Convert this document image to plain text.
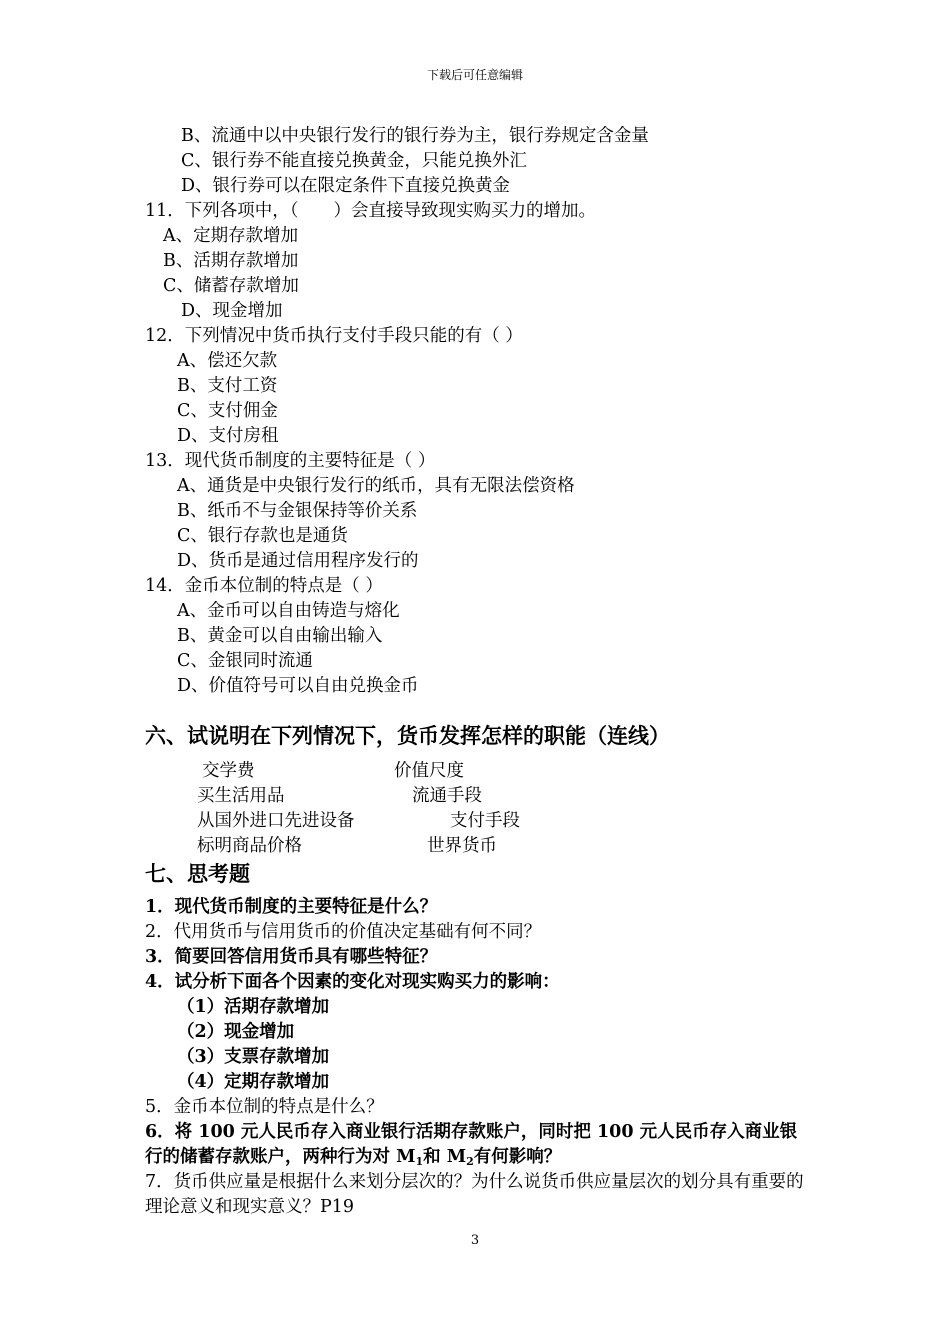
下载后可任意编辑
B、流通中以中央银行发行的银行券为主，银行券规定含金量
C、银行券不能直接兑换黄金，只能兑换外汇
D、银行券可以在限定条件下直接兑换黄金
11．下列各项中，（　　）会直接导致现实购买力的增加。
A、定期存款增加
B、活期存款增加
C、储蓄存款增加
D、现金增加
12．下列情况中货币执行支付手段只能的有（ ）
A、偿还欠款
B、支付工资
C、支付佣金
D、支付房租
13．现代货币制度的主要特征是（ ）
A、通货是中央银行发行的纸币，具有无限法偿资格
B、纸币不与金银保持等价关系
C、银行存款也是通货
D、货币是通过信用程序发行的
14．金币本位制的特点是（ ）
A、金币可以自由铸造与熔化
B、黄金可以自由输出输入
C、金银同时流通
D、价值符号可以自由兑换金币
六、试说明在下列情况下，货币发挥怎样的职能（连线）
交学费
买生活用品
从国外进口先进设备
标明商品价格
价值尺度
流通手段
支付手段
世界货币
七、思考题
1．现代货币制度的主要特征是什么？
2．代用货币与信用货币的价值决定基础有何不同？
3．简要回答信用货币具有哪些特征？
4．试分析下面各个因素的变化对现实购买力的影响：
（1）活期存款增加
（2）现金增加
（3）支票存款增加
（4）定期存款增加
5．金币本位制的特点是什么？
6．将 100 元人民币存入商业银行活期存款账户，同时把 100 元人民币存入商业银行的储蓄存款账户，两种行为对 $M_1$和 $M_2$有何影响？
7．货币供应量是根据什么来划分层次的？为什么说货币供应量层次的划分具有重要的理论意义和现实意义？P19
3
